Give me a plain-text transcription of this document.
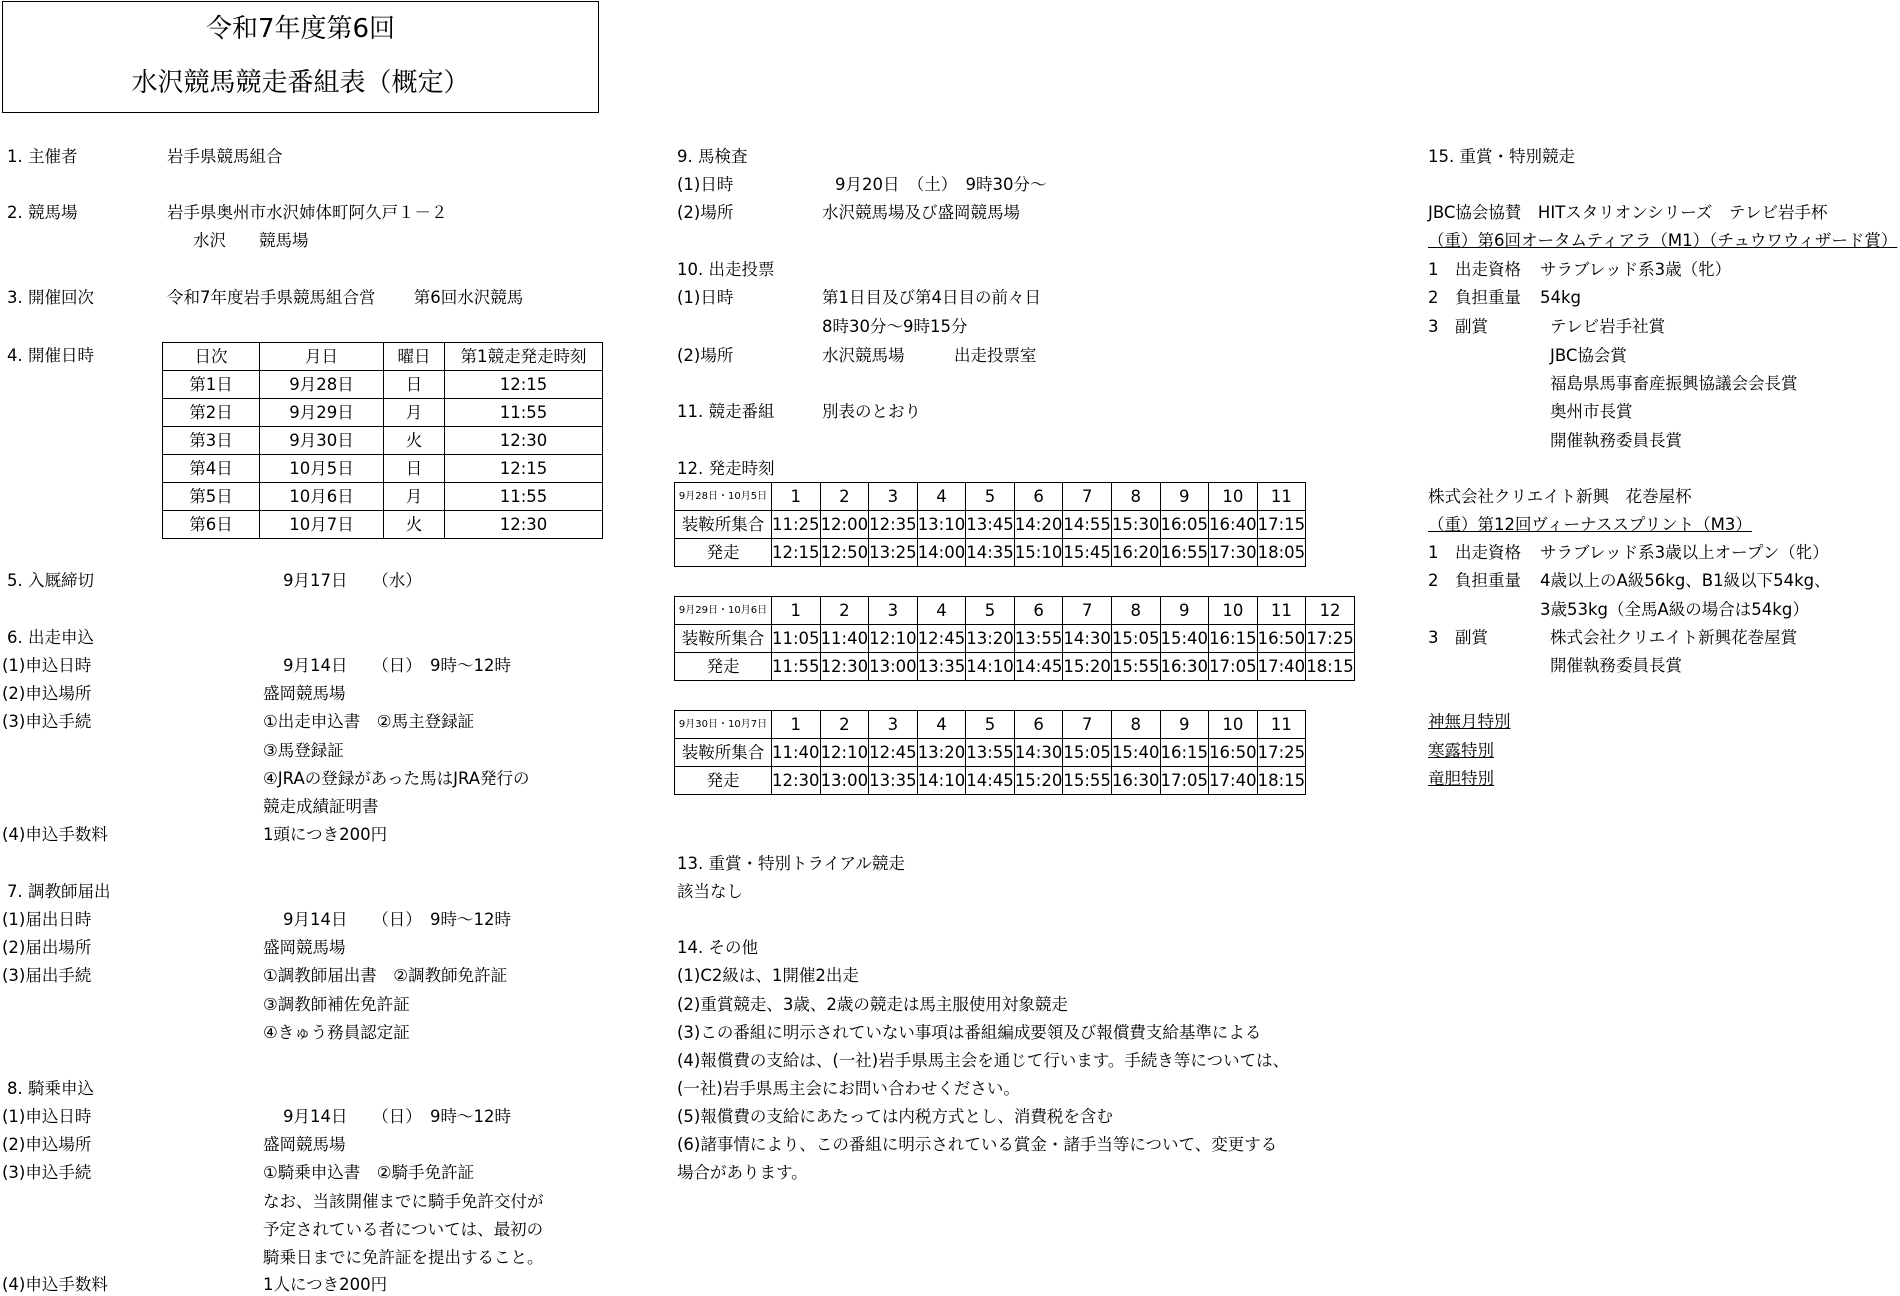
令和7年度第6回
水沢競馬競走番組表（概定）
1. 主催者	岩手県競馬組合
2. 競馬場	岩手県奥州市水沢姉体町阿久戸１－２
水沢　　競馬場
3. 開催回次	令和7年度岩手県競馬組合営　　 第6回水沢競馬
4. 開催日時	日次	月日	曜日	第1競走発走時刻
第1日	9月28日	日	12:15
第2日	9月29日	月	11:55
第3日	9月30日	火	12:30
第4日	10月5日	日	12:15
第5日	10月6日	月	11:55
第6日	10月7日	火	12:30
5. 入厩締切	9月17日　　（水）
6. 出走申込
(1)申込日時	9月14日　　（日）　9時～12時
(2)申込場所	盛岡競馬場
(3)申込手続	①出走申込書　②馬主登録証
③馬登録証
④JRAの登録があった馬はJRA発行の
競走成績証明書
(4)申込手数料	1頭につき200円
7. 調教師届出
(1)届出日時	9月14日　　（日）　9時～12時
(2)届出場所	盛岡競馬場
(3)届出手続	①調教師届出書　②調教師免許証
③調教師補佐免許証
④きゅう務員認定証
8. 騎乗申込
(1)申込日時	9月14日　　（日）　9時～12時
(2)申込場所	盛岡競馬場
(3)申込手続	①騎乗申込書　②騎手免許証
なお、当該開催までに騎手免許交付が
予定されている者については、最初の
騎乗日までに免許証を提出すること。
(4)申込手数料	1人につき200円
9. 馬検査
(1)日時	9月20日　（土）　9時30分～
(2)場所	水沢競馬場及び盛岡競馬場
10. 出走投票
(1)日時	第1日目及び第4日目の前々日
8時30分～9時15分
(2)場所	水沢競馬場　　　出走投票室
11. 競走番組	別表のとおり
12. 発走時刻
9月28日・10月5日	1	2	3	4	5	6	7	8	9	10	11
装鞍所集合	11:25	12:00	12:35	13:10	13:45	14:20	14:55	15:30	16:05	16:40	17:15
発走	12:15	12:50	13:25	14:00	14:35	15:10	15:45	16:20	16:55	17:30	18:05
9月29日・10月6日	1	2	3	4	5	6	7	8	9	10	11	12
装鞍所集合	11:05	11:40	12:10	12:45	13:20	13:55	14:30	15:05	15:40	16:15	16:50	17:25
発走	11:55	12:30	13:00	13:35	14:10	14:45	15:20	15:55	16:30	17:05	17:40	18:15
9月30日・10月7日	1	2	3	4	5	6	7	8	9	10	11
装鞍所集合	11:40	12:10	12:45	13:20	13:55	14:30	15:05	15:40	16:15	16:50	17:25
発走	12:30	13:00	13:35	14:10	14:45	15:20	15:55	16:30	17:05	17:40	18:15
13. 重賞・特別トライアル競走
該当なし
14. その他
(1)C2級は、1開催2出走
(2)重賞競走、3歳、2歳の競走は馬主服使用対象競走
(3)この番組に明示されていない事項は番組編成要領及び報償費支給基準による
(4)報償費の支給は、(一社)岩手県馬主会を通じて行います。手続き等については、
(一社)岩手県馬主会にお問い合わせください。
(5)報償費の支給にあたっては内税方式とし、消費税を含む
(6)諸事情により、この番組に明示されている賞金・諸手当等について、変更する
場合があります。
15. 重賞・特別競走
JBC協会協賛　HITスタリオンシリーズ　テレビ岩手杯
（重）第6回オータムティアラ（M1）（チュウワウィザード賞）
1　出走資格 サラブレッド系3歳（牝）
2　負担重量 54kg
3　副賞	テレビ岩手社賞
JBC協会賞
福島県馬事畜産振興協議会会長賞
奥州市長賞
開催執務委員長賞
株式会社クリエイト新興　花巻屋杯
（重）第12回ヴィーナススプリント（M3）
1　出走資格 サラブレッド系3歳以上オープン（牝）
2　負担重量 4歳以上のA級56kg、B1級以下54kg、
3歳53kg（全馬A級の場合は54kg）
3　副賞	株式会社クリエイト新興花巻屋賞
開催執務委員長賞
神無月特別
寒露特別
竜胆特別
